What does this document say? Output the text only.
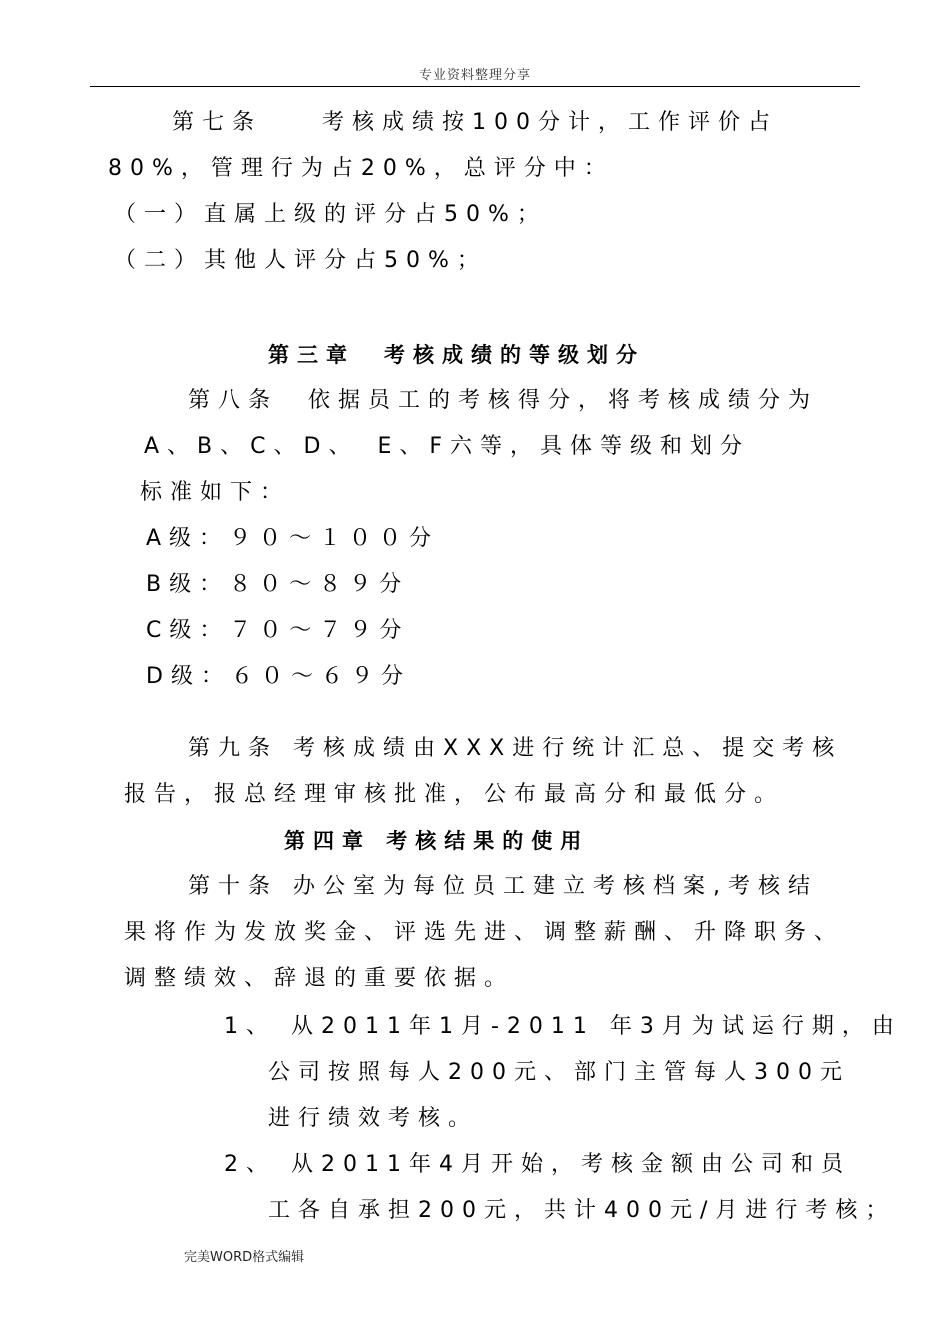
专业资料整理分享
第七条　　考核成绩按100分计，工作评价占
80%，管理行为占20%，总评分中：
（一）直属上级的评分占50%；
（二）其他人评分占50%；
第三章　考核成绩的等级划分
第八条　依据员工的考核得分，将考核成绩分为
A、B、C、D、　E、F六等，具体等级和划分
标准如下：
A级：９０～１００分
B级：８０～８９分
C级：７０～７９分
D级：６０～６９分
第九条 考核成绩由XXX进行统计汇总、提交考核
报告，报总经理审核批准，公布最高分和最低分。
第四章 考核结果的使用
第十条 办公室为每位员工建立考核档案,考核结
果将作为发放奖金、评选先进、调整薪酬、升降职务、
调整绩效、辞退的重要依据。
1、 从2011年1月-2011 年3月为试运行期，由
公司按照每人200元、部门主管每人300元
进行绩效考核。
2、 从2011年4月开始，考核金额由公司和员
工各自承担200元，共计400元/月进行考核；
完美WORD格式编辑
